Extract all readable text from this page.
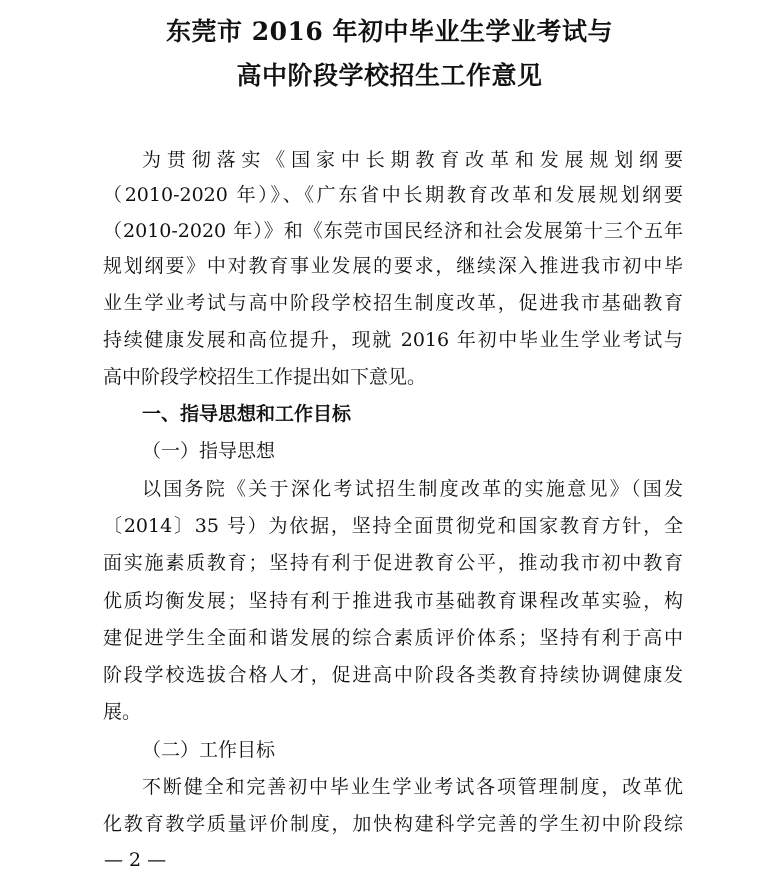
东莞市 2016 年初中毕业生学业考试与
高中阶段学校招生工作意见
为贯彻落实《国家中长期教育改革和发展规划纲要
（2010-2020 年）》、《广东省中长期教育改革和发展规划纲要
（2010-2020 年）》和《东莞市国民经济和社会发展第十三个五年
规划纲要》中对教育事业发展的要求，继续深入推进我市初中毕
业生学业考试与高中阶段学校招生制度改革，促进我市基础教育
持续健康发展和高位提升，现就 2016 年初中毕业生学业考试与
高中阶段学校招生工作提出如下意见。
一、指导思想和工作目标
（一）指导思想
以国务院《关于深化考试招生制度改革的实施意见》（国发
〔2014〕35 号）为依据，坚持全面贯彻党和国家教育方针，全
面实施素质教育；坚持有利于促进教育公平，推动我市初中教育
优质均衡发展；坚持有利于推进我市基础教育课程改革实验，构
建促进学生全面和谐发展的综合素质评价体系；坚持有利于高中
阶段学校选拔合格人才，促进高中阶段各类教育持续协调健康发
展。
（二）工作目标
不断健全和完善初中毕业生学业考试各项管理制度，改革优
化教育教学质量评价制度，加快构建科学完善的学生初中阶段综
— 2 —
